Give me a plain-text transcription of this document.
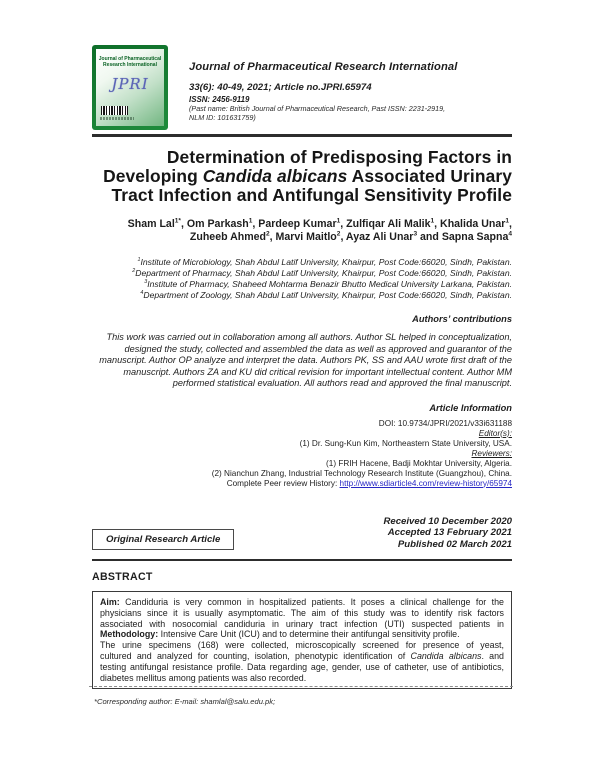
Journal of Pharmaceutical
Research International
JPRI
Journal of Pharmaceutical Research International
33(6): 40-49, 2021; Article no.JPRI.65974
ISSN: 2456-9119
(Past name: British Journal of Pharmaceutical Research, Past ISSN: 2231-2919,
NLM ID: 101631759)
Determination of Predisposing Factors in
Developing Candida albicans Associated Urinary
Tract Infection and Antifungal Sensitivity Profile
Sham Lal$^{1*}$, Om Parkash$^1$, Pardeep Kumar$^1$, Zulfiqar Ali Malik$^1$, Khalida Unar$^1$,
Zuheeb Ahmed$^2$, Marvi Maitlo$^2$, Ayaz Ali Unar$^3$ and Sapna Sapna$^4$
$^1$Institute of Microbiology, Shah Abdul Latif University, Khairpur, Post Code:66020, Sindh, Pakistan.
$^2$Department of Pharmacy, Shah Abdul Latif University, Khairpur, Post Code:66020, Sindh, Pakistan.
$^3$Institute of Pharmacy, Shaheed Mohtarma Benazir Bhutto Medical University Larkana, Pakistan.
$^4$Department of Zoology, Shah Abdul Latif University, Khairpur, Post Code:66020, Sindh, Pakistan.
Authors’ contributions
This work was carried out in collaboration among all authors. Author SL helped in conceptualization,
designed the study, collected and assembled the data as well as approved and guarantor of the
manuscript. Author OP analyze and interpret the data. Authors PK, SS and AAU wrote first draft of the
manuscript. Authors ZA and KU did critical revision for important intellectual content. Author MM
performed statistical evaluation. All authors read and approved the final manuscript.
Article Information
DOI: 10.9734/JPRI/2021/v33i631188
Editor(s):
(1) Dr. Sung-Kun Kim, Northeastern State University, USA.
Reviewers:
(1) FRIH Hacene, Badji Mokhtar University, Algeria.
(2) Nianchun Zhang, Industrial Technology Research Institute (Guangzhou), China.
Complete Peer review History: http://www.sdiarticle4.com/review-history/65974
Original Research Article
Received 10 December 2020
Accepted 13 February 2021
Published 02 March 2021
ABSTRACT
Aim: Candiduria is very common in hospitalized patients. It poses a clinical challenge for the
physicians since it is usually asymptomatic. The aim of this study was to identify risk factors
associated with nosocomial candiduria in urinary tract infection (UTI) suspected patients in
Methodology: Intensive Care Unit (ICU) and to determine their antifungal sensitivity profile.
The urine specimens (168) were collected, microscopically screened for presence of yeast,
cultured and analyzed for counting, isolation, phenotypic identification of Candida albicans. and
testing antifungal resistance profile. Data regarding age, gender, use of catheter, use of antibiotics,
diabetes mellitus among patients was also recorded.
*Corresponding author: E-mail: shamlal@salu.edu.pk;
